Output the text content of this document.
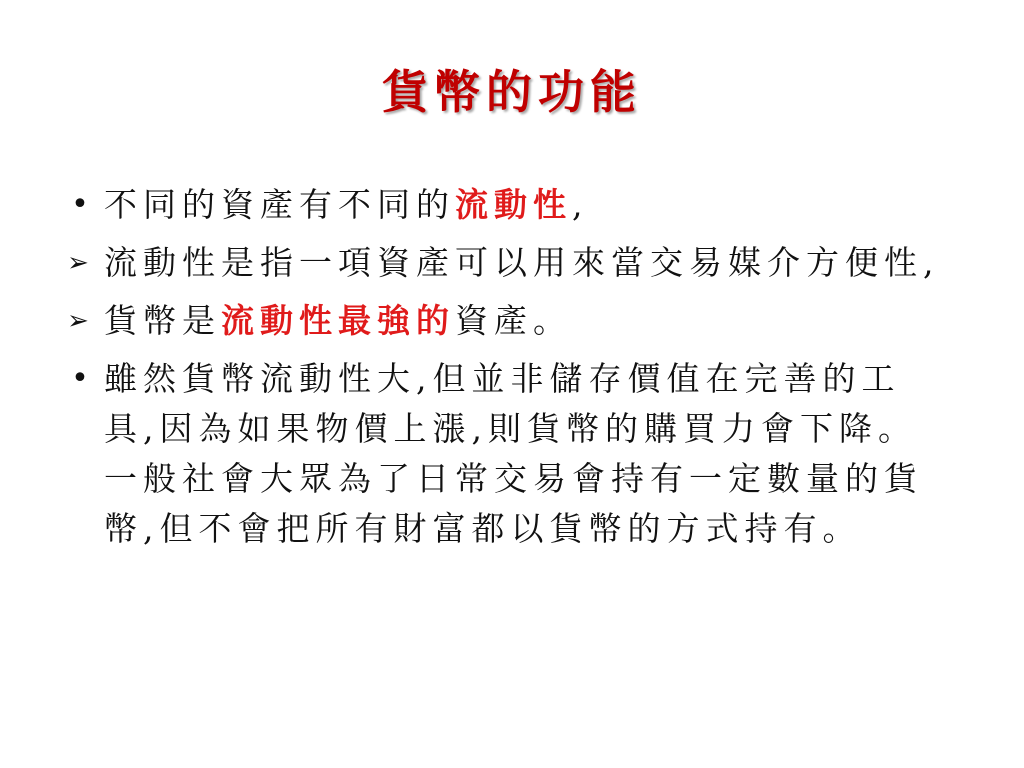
貨幣的功能
• 不同的資產有不同的流動性,
➢ 流動性是指一項資產可以用來當交易媒介方便性,
➢ 貨幣是流動性最強的資產。
• 雖然貨幣流動性大,但並非儲存價值在完善的工具,因為如果物價上漲,則貨幣的購買力會下降。一般社會大眾為了日常交易會持有一定數量的貨幣,但不會把所有財富都以貨幣的方式持有。
